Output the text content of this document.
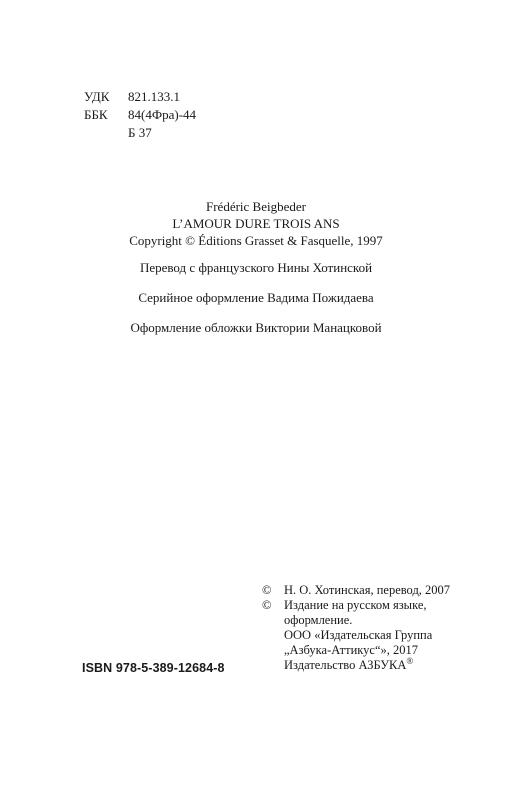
УДК	821.133.1
ББК	84(4Фра)-44
Б 37
Frédéric Beigbeder
L’AMOUR DURE TROIS ANS
Copyright © Éditions Grasset & Fasquelle, 1997
Перевод с французского Нины Хотинской
Серийное оформление Вадима Пожидаева
Оформление обложки Виктории Манацковой
©	Н. О. Хотинская, перевод, 2007
©	Издание на русском языке,
оформление.
ООО «Издательская Группа
„Азбука-Аттикус“», 2017
Издательство АЗБУКА®
ISBN 978-5-389-12684-8
